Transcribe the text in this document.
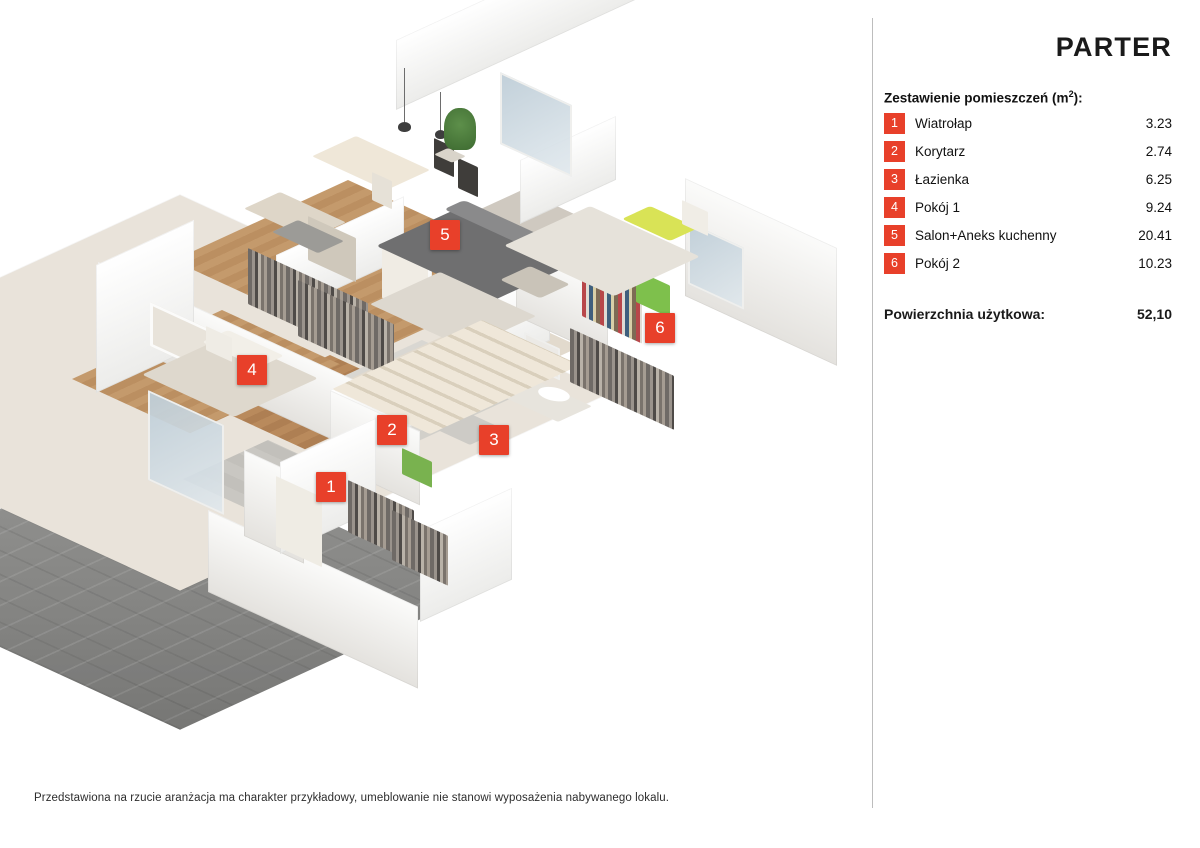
1
2
3
4
5
6
Przedstawiona na rzucie aranżacja ma charakter przykładowy, umeblowanie nie stanowi wyposażenia nabywanego lokalu.
PARTER
Zestawienie pomieszczeń $(m^2)$:
1	Wiatrołap	3.23
2	Korytarz	2.74
3	Łazienka	6.25
4	Pokój 1	9.24
5	Salon+Aneks kuchenny	20.41
6	Pokój 2	10.23
Powierzchnia użytkowa:	52,10
